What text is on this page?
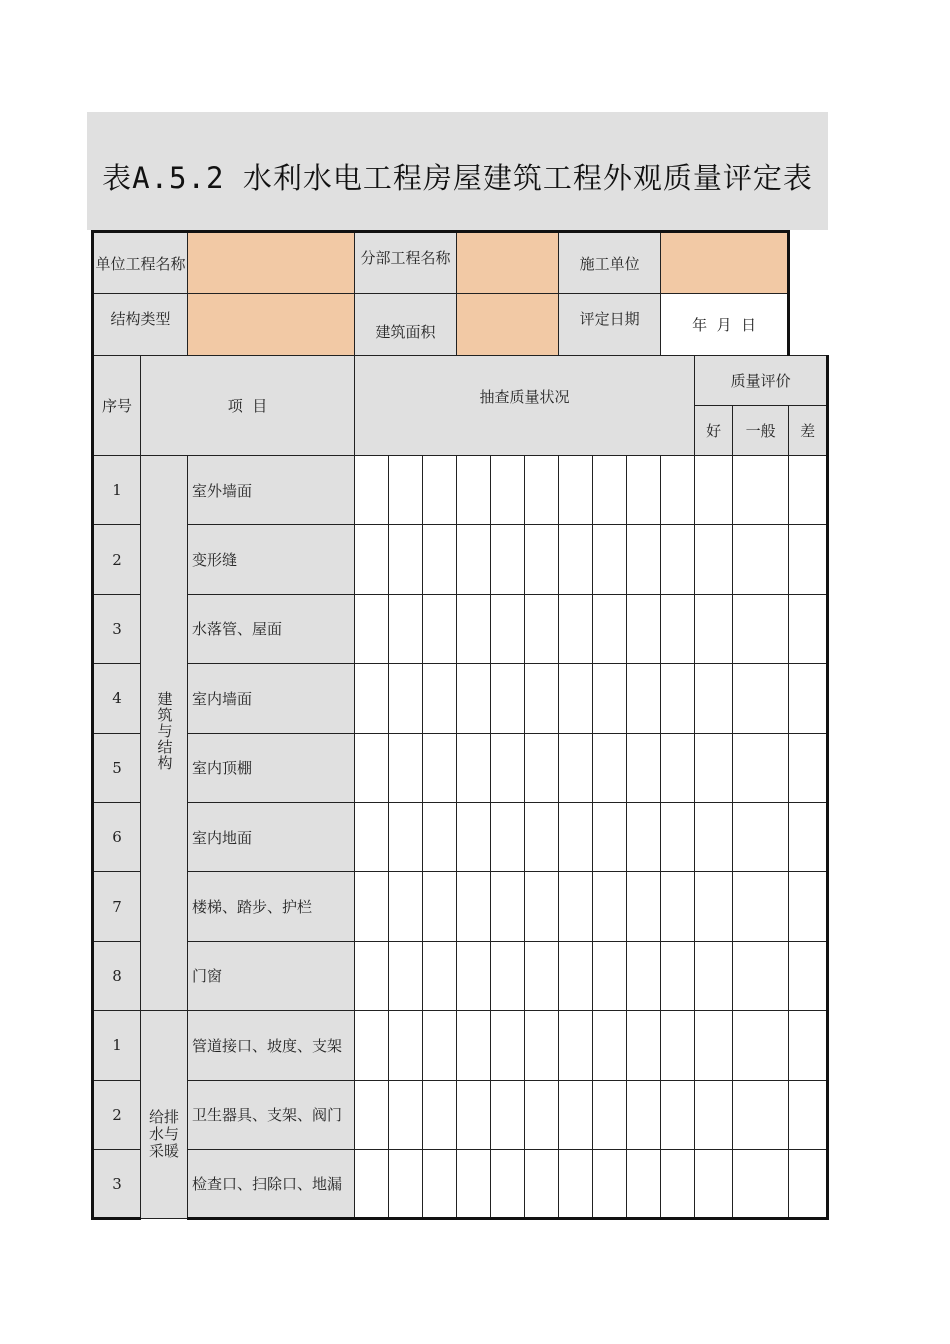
表A.5.2 水利水电工程房屋建筑工程外观质量评定表
单位工程名称			分部工程名称						施工单位						
结构类型			建筑面积						评定日期			年  月  日			
序号	项  目		抽查质量状况										质量评价		
													好	一般	差
1	建筑与结构	室外墙面													
2		变形缝													
3		水落管、屋面													
4		室内墙面													
5		室内顶棚													
6		室内地面													
7		楼梯、踏步、护栏													
8		门窗													
1	给排水与采暖	管道接口、坡度、支架													
2		卫生器具、支架、阀门													
3		检查口、扫除口、地漏													
